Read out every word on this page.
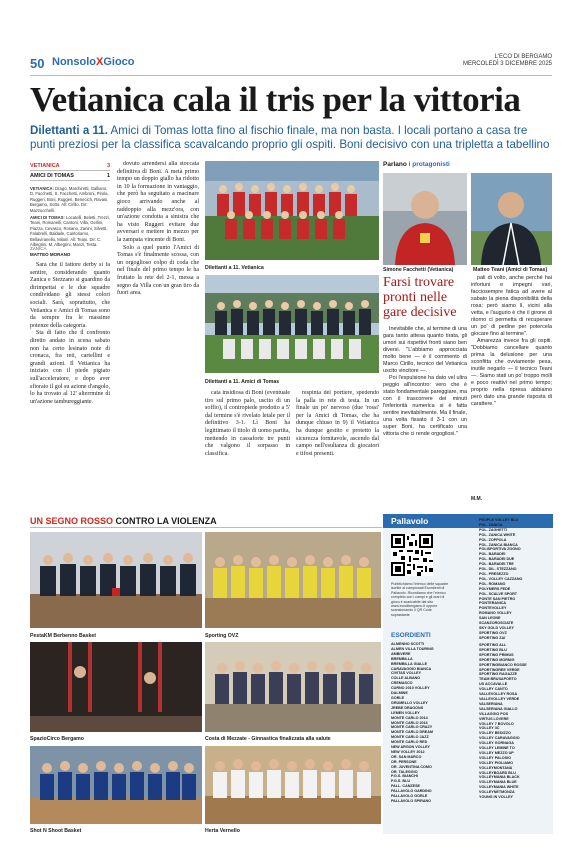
50 NonsoloXGioco	L'ECO DI BERGAMO
MERCOLEDÌ 3 DICEMBRE 2025
Vetianica cala il tris per la vittoria
Dilettanti a 11. Amici di Tomas lotta fino al fischio finale, ma non basta. I locali portano a casa tre
punti preziosi per la classifica scavalcando proprio gli ospiti. Boni decisivo con una tripletta a tabellino
VETIANICA	3
AMICI DI TOMAS	1

VETIANICA: Drago, Marchiretti, Galliano, D. Facchetti, S. Facchetti, Ambroni, Pirola, Ruggeri, Boni, Ruggeri, Benecich, Ravasi, Bergamo, Sotto. All: Cirillo. Dir: Mazzucchelli.

AMICI DI TOMAS: Locatelli, Beletti, Trezzi, Teani, Romanelli, Cantoni, Villa, Gerlini, Piazza, Cevasco, Rosano, Zanini, Silvetti, Falabrelli, Baldaile, Cantoriamo, Bellaviranello, Milani. All: Teani. Dir: C. Albegrini, M. Albegrini, Manzi, Testa.

ZANICA
MATTEO MORANO

Sarà che il fattore derby si fa sentire, considerando quanto Zanica e Stezzano si guardino da dirimpettai e le due squadre condividano gli stessi colori sociali. Sarà, soprattutto, che Vetianica e Amici di Tomas sono da sempre fra le massime potenze della categoria.

Sta di fatto che il confronto diretto andato in scena sabato non ha certo lesinato note di cronaca, fra reti, cartellini e grandi azioni. Il Vetianica ha iniziato con il piede pigiato sull'acceleratore, e dopo aver sfiorato il gol su azione d'angolo, lo ha trovato al 12' alterrmine di un'azione tambureggiante.

dovuto arrendersi alla stoccata definitiva di Boni. A metà primo tempo un doppio giallo ha ridotto in 10 la formazione in vantaggio, che però ha seguitato a macinare gioco arrivando anche al raddoppio alla mezz'ora, con un'azione condotta a sinistra che ha visto Ruggeri evitare due avversari e mettere in mezzo per la zampata vincente di Boni.

Solo a quel punto l'Amici di Tomas s'è finalmente scossa, con un orgoglioso colpo di coda che nel finale del primo tempo le ha fruttato la rete del 2-1, messa a segno da Villa con un gran tiro da fuori area.

cata insidiosa di Boni (eventuale tiro sul primo palo, uscito di un soffio), il contropiede prodotto a 5' dal termine s'è rivelato letale per il definitivo 3-1. Lì Boni ha legittimato il titolo di uomo partita, mettendo in cassaforte tre punti che valgono il sorpasso in classifica.

respinta del portiere, spedendo la palla in rete di testa. In un finale un po' nervoso (due 'rossi' per la Amici di Tomas, che ha dunque chiuso in 9) il Vetianica ha dunque gestito e protetto la sicurezza fornitavole, ascendo dal campo nell'esultanza di giocatori e tifosi presenti.

Dilettanti a 11. Vetianica
Dilettanti a 11. Amici di Tomas
Parlano i protagonisti
Simone Facchetti (Vetianica)	Matteo Teani (Amici di Tomas)
Farsi trovare pronti nelle gare decisive

Inevitabile che, al termine di una gara tanto attesa quanto tirata, gli umori sui rispettivi fronti siano ben diversi. "L'abbiamo approcciata molto bene — è il commento di Marco Cirillo, tecnico del Vetianica uscito vincitore —.

Poi l'espulsione ha dato vel ultra peggio all'incontro: vero che è stato fondamentale pareggiare, ma con il trascorrere dei minuti l'inferiorità numerica si è fatta sentire inevitabilmente. Ma il finale, una volta fissato il 3-1 con un super Boni, ha certificato una vittoria che ci rende orgogliosi."

pali di volto, anche perché hai infortuni e impegni vari, facciosempre fatica ad avere al sabato la piena disponibilità della rosa: però siamo lì, vicini alla vetta, e l'augurio è che il girone di ritorno ci permetta di recuperare un po' di pedine per potercela giocare fino al termine".

Amarezza invece fra gli ospiti. "Dobbiamo cancellare quanto prima la delusione per una sconfitta che ovviamente pesa, inutile negarlo — il tecnico Teani —. Siamo stati un po' troppo molli e poco reattivi nel primo tempo; proprio nella ripresa abbiamo però dato una grande risposta di carattere."

M.M.
UN SEGNO ROSSO CONTRO LA VIOLENZA
PestaKM Berbenno Basket	Sporting OVZ
SpazioCirco Bergamo	Costa di Mezzate - Ginnastica finalizzata alla salute
Shot N Shoot Basket	Herta Vernello
Pallavolo
Pubblichiamo l'elenco delle squadre iscritte ai campionati Esordienti di Pallavolo. Ricordiamo che l'elenco completo con i campi e gli orari di gioco è scaricabile dal sito www.ecodibergamo.it oppure scansionando il QR Code soprastante
ESORDIENTI
PEOPLE VOLLEY BLU
POL. ZANICA
POL. ZAGHETTI
POL. ZANICA WHITE
POL. ZOPPOLA
POL. ZANICA BIANCA
POLISPORTIVA ZOGNO
POL. BARADEI
POL. BARADEI DUE
POL. BARADEI TRE
POL. DIL. STEZZANO
POL. PRESEZZO
POL. VOLLEY CAZZANO
POL. ROMANO
POLYMERS FEDE
POL. SCALVE SPORT
PONTE SAN PIETRO
PONTERANICA
PONTEVOLLEY
ROMANO VOLLEY
SAN LEONE
SCANZOROSCIATE
SKY GOLD VOLLEY
SPORTING OVZ
SPORTING ZAI
ALMENNO SCOTTI
ALMEN VILLA TOURING
AMBIVERE
BREMBILLA
BREMBILLA GIALLE
CARAVAGGIO BIANCA
CIVITAS VOLLEY
COLLE ALBANO
CREMASCO
CURNO 2010 VOLLEY
DALMINE
GORLE
GRUMELLO VOLLEY
JREBE DRAGONS
LEMEN VOLLEY
MONTE CARLO 2014
MONTE CARLO 2016
MONTE CARLO CRAZY
MONTE CARLO DREAM
MONTE CARLO JAZZ
MONTE CARLO RED
NEW ARGON VOLLEY
NEW VOLLEY 2012
OR. SAN MARCO
OR. PERSONE
OR. JUVENTINA COMO
OR. TALEGGIO
P.G.S. BIANCHI
P.G.S. BLU
PALL. CANZESE
PALLAVOLO GARDINO
PALLAVOLO GORLE
PALLAVOLO SPIRANO
SPORTING ALL
SPORTING BLU
SPORTING PRIMUS
SPORTING MORNIG
SPORTINGBIANCO ROSSE
SPORTINGREE VERDE
SPORTING RAGAZZE
TEAM BRUSAPORTO
US ACCAVALLE
VOLLEY CANTO
VALLEVOLLEY ROSA
VALLEVOLLEY VERDE
VALSERIANA
VALSERIANA GIALLO
VILLAGGIO POS
VIRTUS LOVERE
VOLLEY 7 BOVOLO
VOLLEY 3C
VOLLEY BEDIZZO
VOLLEY CARAVAGGIO
VOLLEY GORNAGA
VOLLEY LEMINE TO
VOLLEY MEZZO UP
VOLLEY PALOSIO
VOLLEY PIGLIAMO
VOLLEYMONTANA
VOLLEYBOARD BLU
VOLLEYMANIA BLACK
VOLLEYMANIA BLUE
VOLLEYMANIA WHITE
VOLLEYNETMONZA
YOUNG IN VOLLEY
